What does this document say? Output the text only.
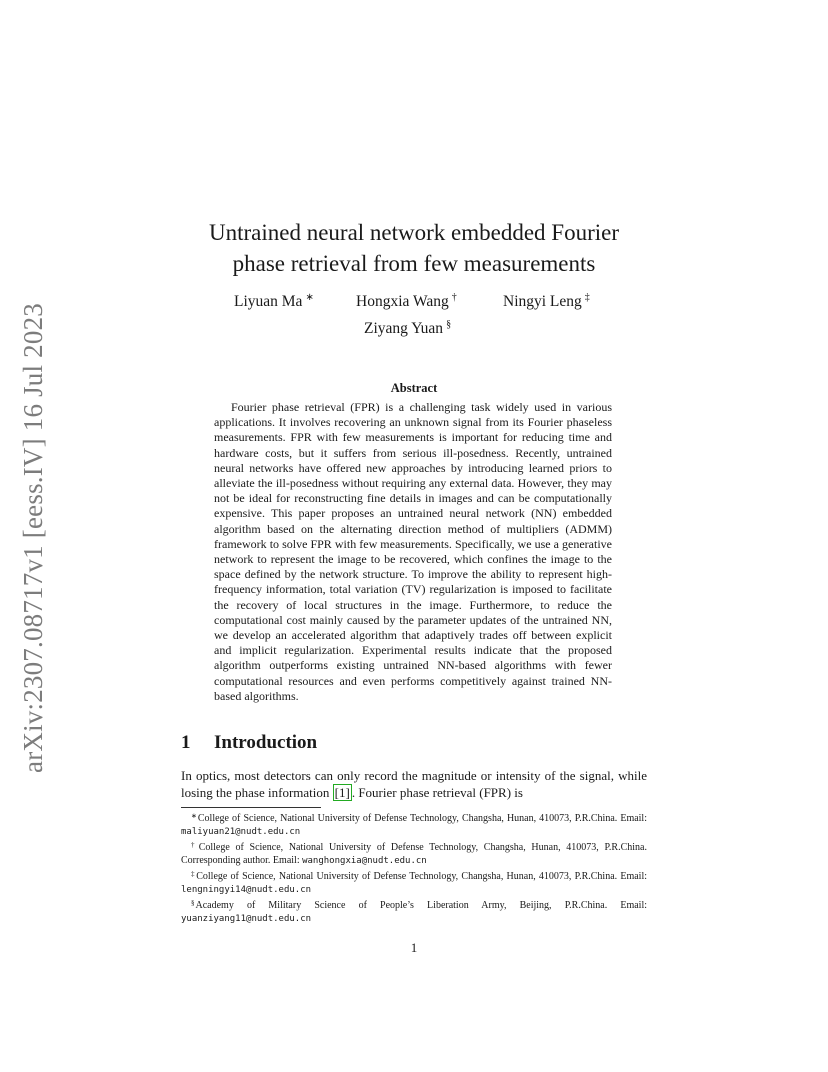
arXiv:2307.08717v1 [eess.IV] 16 Jul 2023
Untrained neural network embedded Fourier
phase retrieval from few measurements
Liyuan Ma ∗	Hongxia Wang †	Ningyi Leng ‡
Ziyang Yuan §
Abstract

Fourier phase retrieval (FPR) is a challenging task widely used in various applications. It involves recovering an unknown signal from its Fourier phaseless measurements. FPR with few measurements is important for reducing time and hardware costs, but it suffers from serious ill-posedness. Recently, untrained neural networks have offered new approaches by introducing learned priors to alleviate the ill-posedness without requiring any external data. However, they may not be ideal for reconstructing fine details in images and can be computationally expensive. This paper proposes an untrained neural network (NN) embedded algorithm based on the alternating direction method of multipliers (ADMM) framework to solve FPR with few measurements. Specifically, we use a generative network to represent the image to be recovered, which confines the image to the space defined by the network structure. To improve the ability to represent high-frequency information, total variation (TV) regularization is imposed to facilitate the recovery of local structures in the image. Furthermore, to reduce the computational cost mainly caused by the parameter updates of the untrained NN, we develop an accelerated algorithm that adaptively trades off between explicit and implicit regularization. Experimental results indicate that the proposed algorithm outperforms existing untrained NN-based algorithms with fewer computational resources and even performs competitively against trained NN-based algorithms.

1 Introduction

In optics, most detectors can only record the magnitude or intensity of the signal, while losing the phase information [1] . Fourier phase retrieval (FPR) is

∗College of Science, National University of Defense Technology, Changsha, Hunan, 410073, P.R.China. Email: maliyuan21@nudt.edu.cn

†College of Science, National University of Defense Technology, Changsha, Hunan, 410073, P.R.China. Corresponding author. Email: wanghongxia@nudt.edu.cn

‡College of Science, National University of Defense Technology, Changsha, Hunan, 410073, P.R.China. Email: lengningyi14@nudt.edu.cn

§Academy of Military Science of People’s Liberation Army, Beijing, P.R.China. Email: yuanziyang11@nudt.edu.cn

1
